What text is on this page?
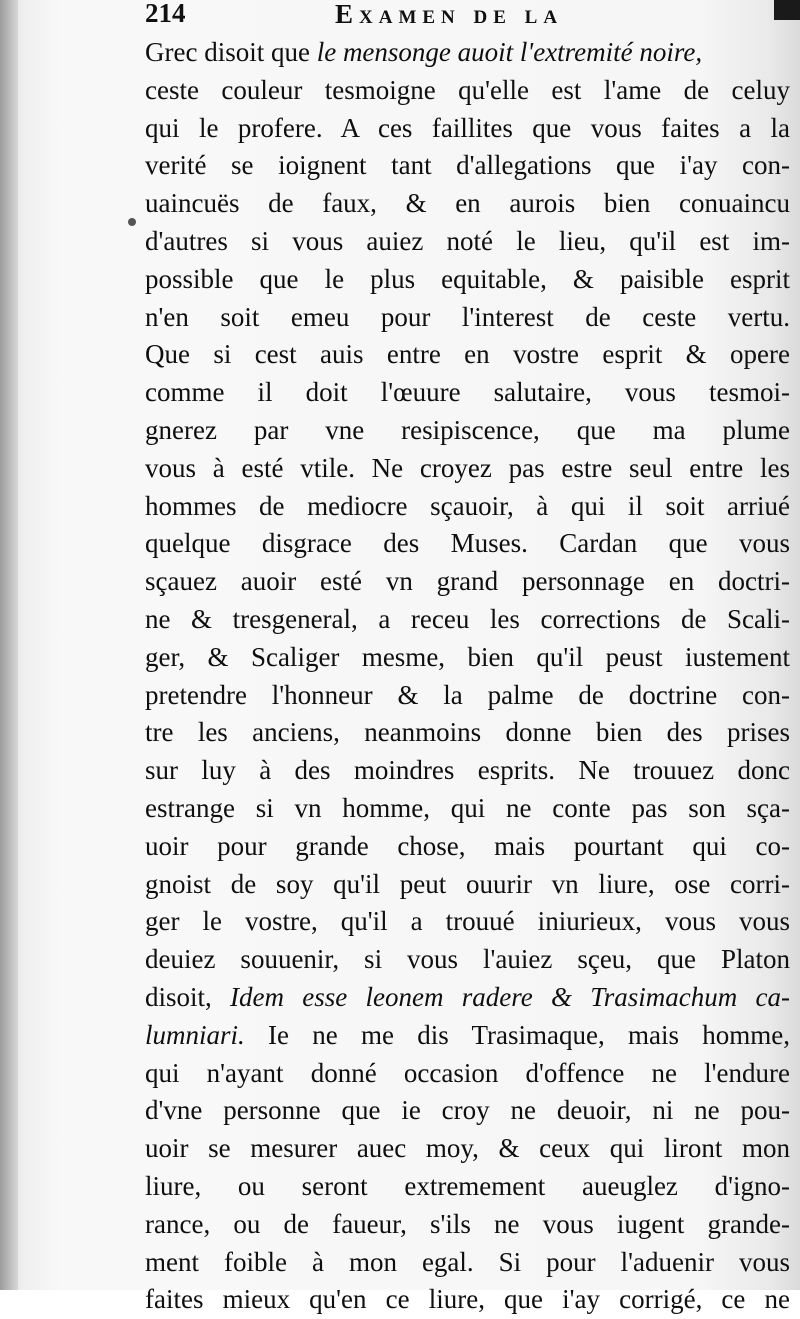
214	Examen de la
Grec disoit que le mensonge auoit l'extremité noire,
ceste couleur tesmoigne qu'elle est l'ame de celuy
qui le profere. A ces faillites que vous faites a la
verité se ioignent tant d'allegations que i'ay con-
uaincuës de faux, & en aurois bien conuaincu
d'autres si vous auiez noté le lieu, qu'il est im-
possible que le plus equitable, & paisible esprit
n'en soit emeu pour l'interest de ceste vertu.
Que si cest auis entre en vostre esprit & opere
comme il doit l'œuure salutaire, vous tesmoi-
gnerez par vne resipiscence, que ma plume
vous à esté vtile. Ne croyez pas estre seul entre les
hommes de mediocre sçauoir, à qui il soit arriué
quelque disgrace des Muses. Cardan que vous
sçauez auoir esté vn grand personnage en doctri-
ne & tresgeneral, a receu les corrections de Scali-
ger, & Scaliger mesme, bien qu'il peust iustement
pretendre l'honneur & la palme de doctrine con-
tre les anciens, neanmoins donne bien des prises
sur luy à des moindres esprits. Ne trouuez donc
estrange si vn homme, qui ne conte pas son sça-
uoir pour grande chose, mais pourtant qui co-
gnoist de soy qu'il peut ouurir vn liure, ose corri-
ger le vostre, qu'il a trouué iniurieux, vous vous
deuiez souuenir, si vous l'auiez sçeu, que Platon
disoit, Idem esse leonem radere & Trasimachum ca-
lumniari. Ie ne me dis Trasimaque, mais homme,
qui n'ayant donné occasion d'offence ne l'endure
d'vne personne que ie croy ne deuoir, ni ne pou-
uoir se mesurer auec moy, & ceux qui liront mon
liure, ou seront extremement aueuglez d'igno-
rance, ou de faueur, s'ils ne vous iugent grande-
ment foible à mon egal. Si pour l'aduenir vous
faites mieux qu'en ce liure, que i'ay corrigé, ce ne
